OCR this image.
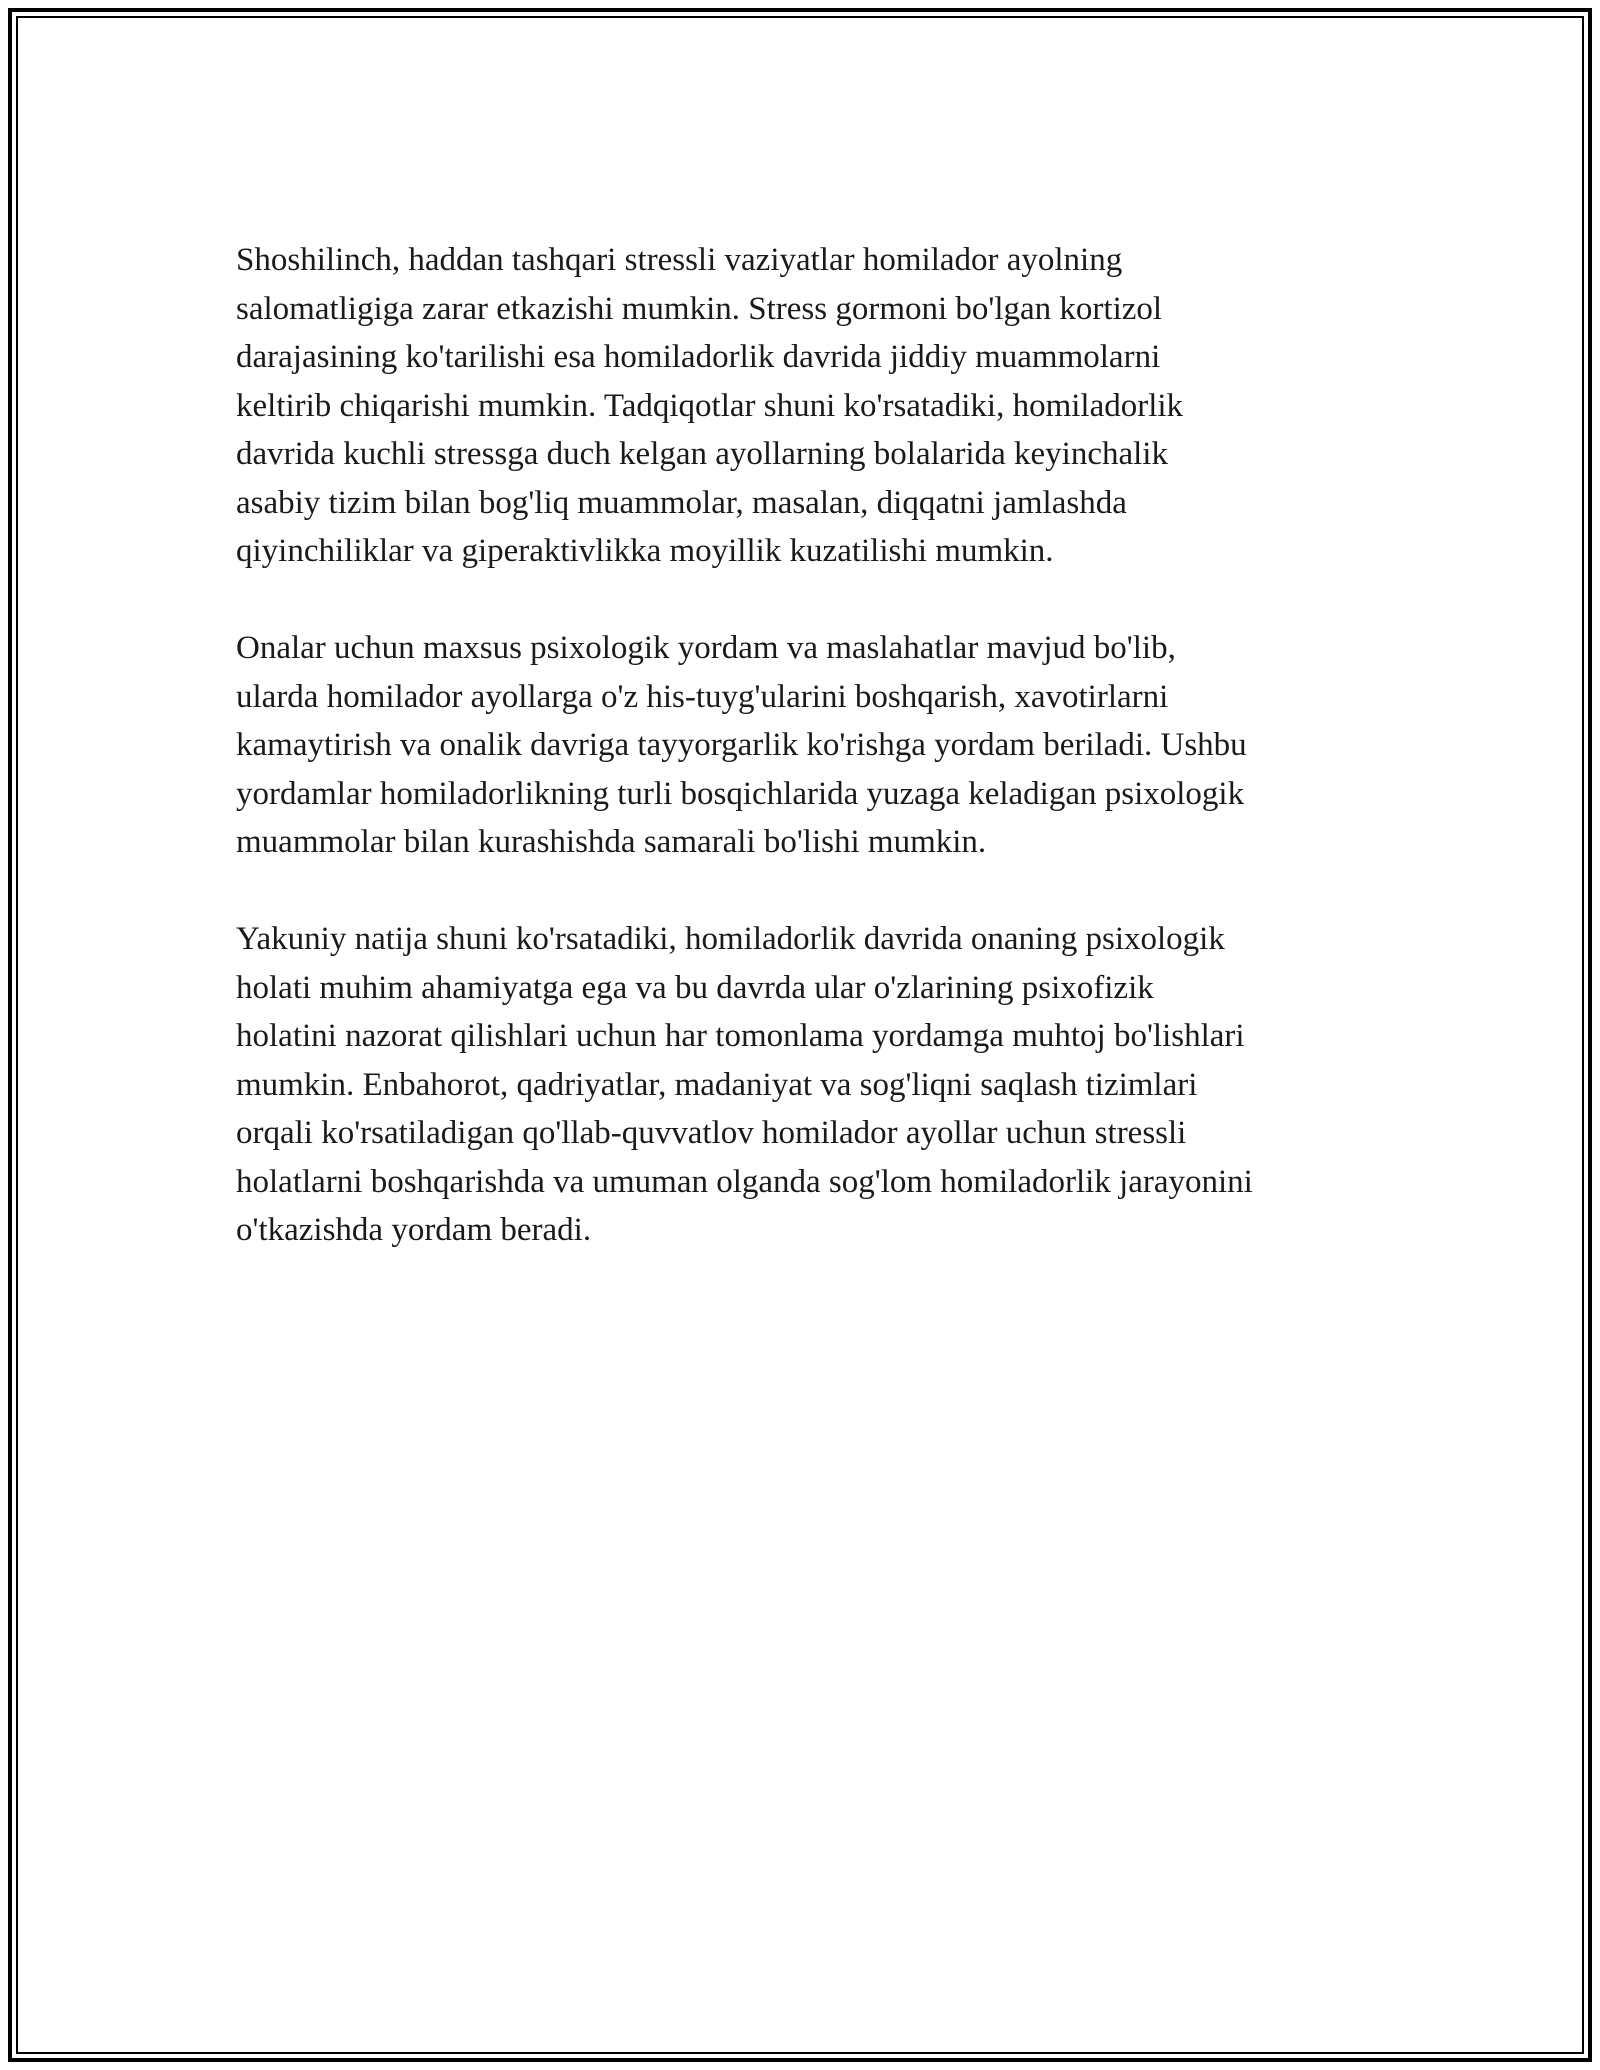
Shoshilinch, haddan tashqari stressli vaziyatlar homilador ayolning
salomatligiga zarar etkazishi mumkin. Stress gormoni bo'lgan kortizol
darajasining ko'tarilishi esa homiladorlik davrida jiddiy muammolarni
keltirib chiqarishi mumkin. Tadqiqotlar shuni ko'rsatadiki, homiladorlik
davrida kuchli stressga duch kelgan ayollarning bolalarida keyinchalik
asabiy tizim bilan bog'liq muammolar, masalan, diqqatni jamlashda
qiyinchiliklar va giperaktivlikka moyillik kuzatilishi mumkin.

Onalar uchun maxsus psixologik yordam va maslahatlar mavjud bo'lib,
ularda homilador ayollarga o'z his-tuyg'ularini boshqarish, xavotirlarni
kamaytirish va onalik davriga tayyorgarlik ko'rishga yordam beriladi. Ushbu
yordamlar homiladorlikning turli bosqichlarida yuzaga keladigan psixologik
muammolar bilan kurashishda samarali bo'lishi mumkin.

Yakuniy natija shuni ko'rsatadiki, homiladorlik davrida onaning psixologik
holati muhim ahamiyatga ega va bu davrda ular o'zlarining psixofizik
holatini nazorat qilishlari uchun har tomonlama yordamga muhtoj bo'lishlari
mumkin. Enbahorot, qadriyatlar, madaniyat va sog'liqni saqlash tizimlari
orqali ko'rsatiladigan qo'llab-quvvatlov homilador ayollar uchun stressli
holatlarni boshqarishda va umuman olganda sog'lom homiladorlik jarayonini
o'tkazishda yordam beradi.
